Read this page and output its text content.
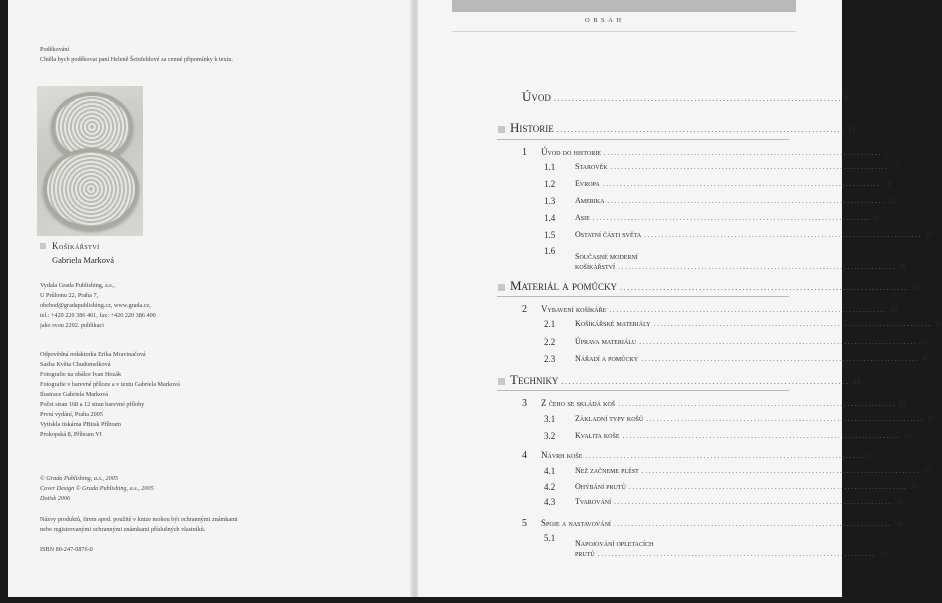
Poděkování
Chtěla bych poděkovat paní Heleně Šeinfeldové za cenné připomínky k textu.
Košíkářství
Gabriela Marková
Vydala Grada Publishing, a.s.,
U Průhonu 22, Praha 7,
obchod@gradapublishing.cz, www.grada.cz,
tel.: +420 220 386 401, fax: +420 220 386 400
jako svou 2292. publikaci
Odpovědná redaktorka Erika Mravinačová
Sazba Květa Chudomelková
Fotografie na obálce Ivan Hozák
Fotografie v barevné příloze a v textu Gabriela Marková
Ilustrace Gabriela Marková
Počet stran 168 a 12 stran barevné přílohy
První vydání, Praha 2005
Vytiskla tiskárna PBtisk Příbram
Prokopská 8, Příbram VI
© Grada Publishing, a.s., 2005
Cover Design © Grada Publishing, a.s., 2005
Dotisk 2006
Názvy produktů, firem apod. použité v knize mohou být ochrannými známkami
nebo registrovanými ochrannými známkami příslušných vlastníků.
ISBN 80-247-0876-0
OBSAH
Úvod ................................................................................ 9
Historie ................................................................................ 11
1 Úvod do historie ................................................................................ 13
1.1 Starověk ................................................................................ 13
1.2 Evropa ................................................................................ 16
1.3 Amerika ................................................................................ 22
1.4 Asie ................................................................................ 25
1.5 Ostatní části světa ................................................................................ 27
1.6
Současné moderní
košíkářství ................................................................................ 28
Materiál a pomůcky ................................................................................ 29
2 Vybavení košíkáře ................................................................................ 31
2.1 Košíkářské materiály ................................................................................ 31
2.2 Úprava materiálu ................................................................................ 42
2.3 Nářadí a pomůcky ................................................................................ 47
Techniky ................................................................................ 49
3 Z čeho se skládá koš ................................................................................ 51
3.1 Základní typy košů ................................................................................ 51
3.2 Kvalita koše ................................................................................ 52
4 Návrh koše ................................................................................ 55
4.1 Než začneme plést ................................................................................ 55
4.2 Ohýbání prutů ................................................................................ 55
4.3 Tvarování ................................................................................ 56
5 Spoje a nastavování ................................................................................ 59
5.1
Napojování opletacích
prutů ................................................................................ 59
